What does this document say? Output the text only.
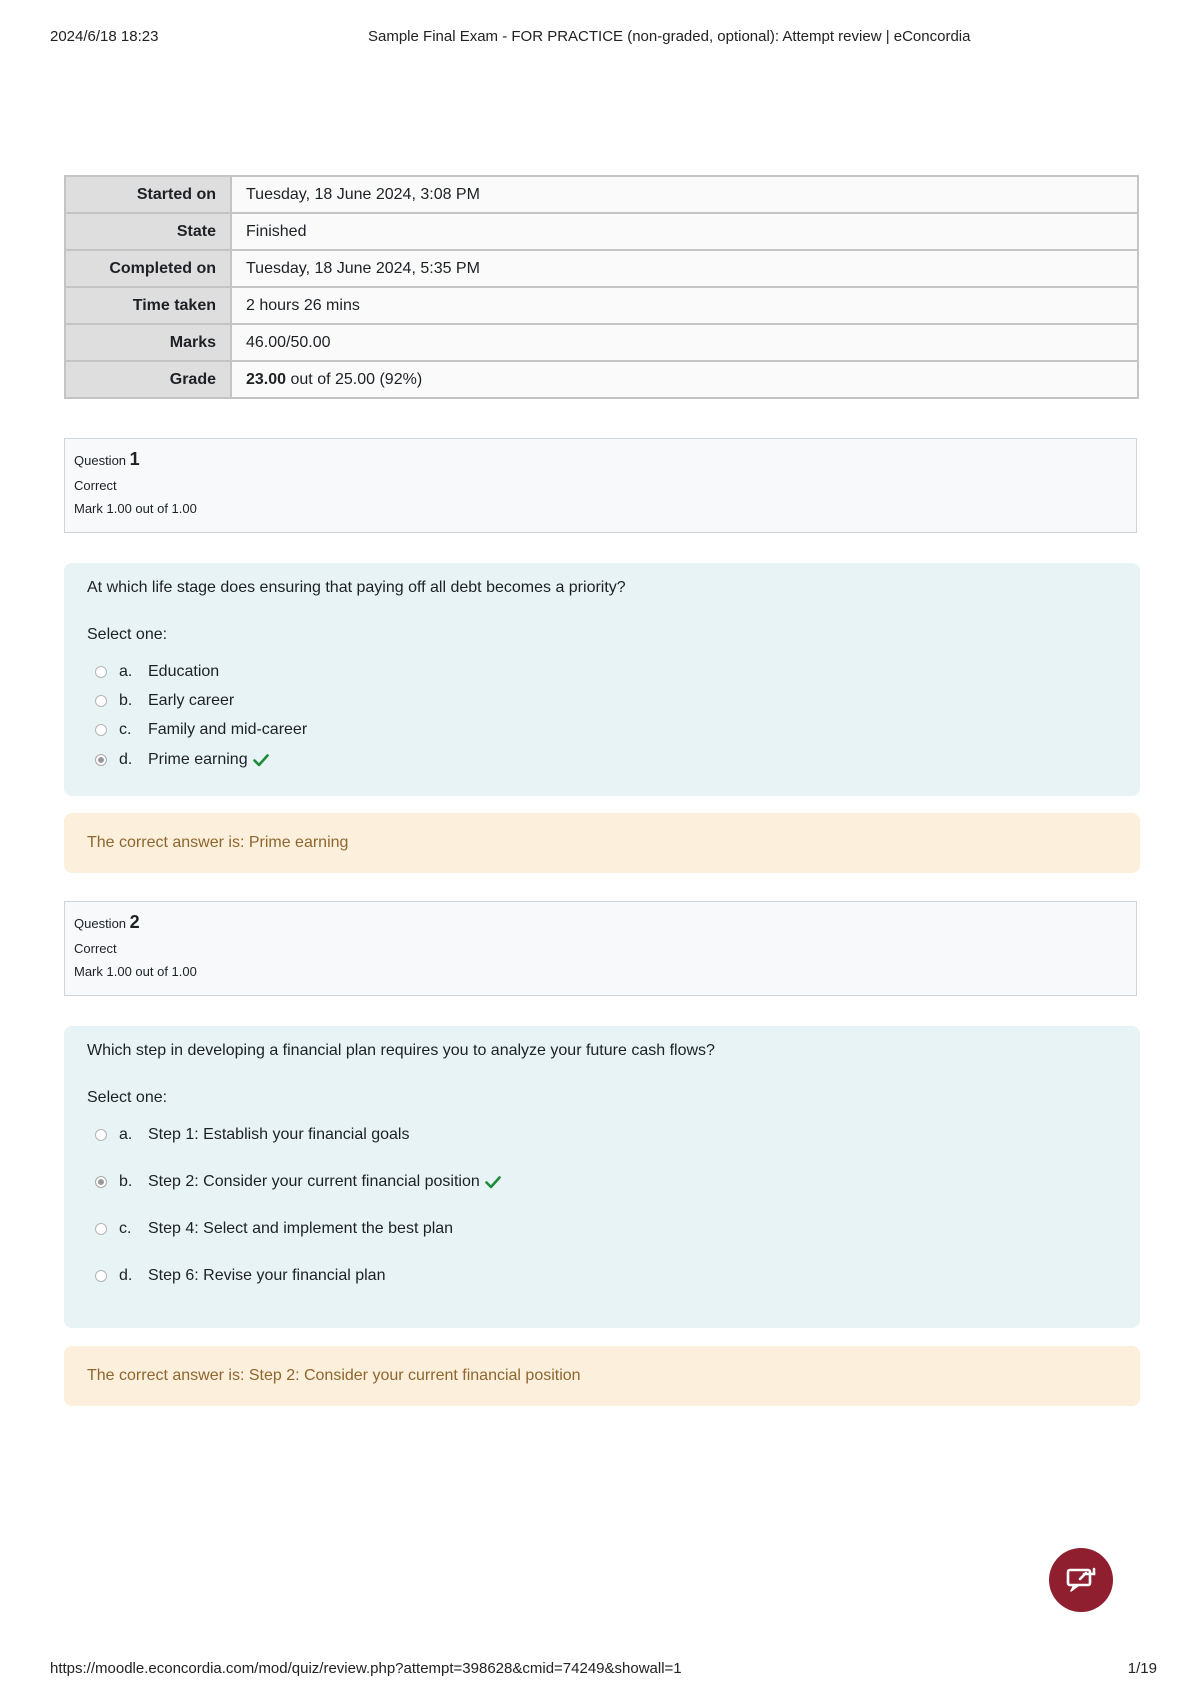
2024/6/18 18:23	Sample Final Exam - FOR PRACTICE (non-graded, optional): Attempt review | eConcordia
Started on	Tuesday, 18 June 2024, 3:08 PM
State	Finished
Completed on	Tuesday, 18 June 2024, 5:35 PM
Time taken	2 hours 26 mins
Marks	46.00/50.00
Grade	23.00 out of 25.00 (92%)
Question 1
Correct
Mark 1.00 out of 1.00

At which life stage does ensuring that paying off all debt becomes a priority?

Select one:

a. Education
b. Early career
c.	Family and mid-career
d. Prime earning
The correct answer is: Prime earning
Question 2
Correct
Mark 1.00 out of 1.00

Which step in developing a financial plan requires you to analyze your future cash flows?

Select one:

a. Step 1: Establish your financial goals
b. Step 2: Consider your current financial position
c.	Step 4: Select and implement the best plan
d. Step 6: Revise your financial plan
The correct answer is: Step 2: Consider your current financial position
https://moodle.econcordia.com/mod/quiz/review.php?attempt=398628&cmid=74249&showall=1	1/19
